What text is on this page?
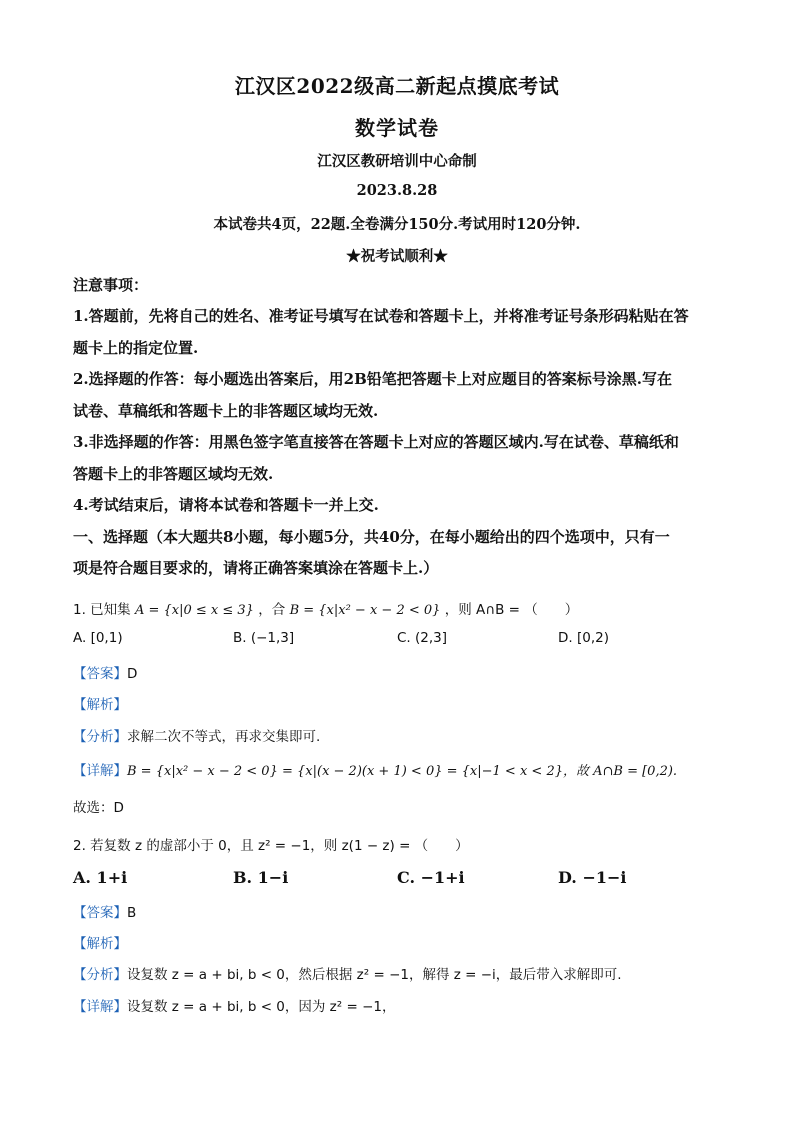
江汉区2022级高二新起点摸底考试
数学试卷
江汉区教研培训中心命制
2023.8.28
本试卷共4页，22题.全卷满分150分.考试用时120分钟.
★祝考试顺利★
注意事项：
1.答题前，先将自己的姓名、准考证号填写在试卷和答题卡上，并将准考证号条形码粘贴在答
题卡上的指定位置.
2.选择题的作答：每小题选出答案后，用2B铅笔把答题卡上对应题目的答案标号涂黑.写在
试卷、草稿纸和答题卡上的非答题区域均无效.
3.非选择题的作答：用黑色签字笔直接答在答题卡上对应的答题区域内.写在试卷、草稿纸和
答题卡上的非答题区域均无效.
4.考试结束后，请将本试卷和答题卡一并上交.
一、选择题（本大题共8小题，每小题5分，共40分，在每小题给出的四个选项中，只有一
项是符合题目要求的，请将正确答案填涂在答题卡上.）
1. 已知集 A = {x|0 ≤ x ≤ 3} ，合 B = {x|x² − x − 2 < 0} ，则 A∩B = （　　）
A. [0,1)	B. (−1,3]	C. (2,3]	D. [0,2)
【答案】D
【解析】
【分析】求解二次不等式，再求交集即可.
【详解】B = {x|x² − x − 2 < 0} = {x|(x − 2)(x + 1) < 0} = {x|−1 < x < 2}，故 A∩B = [0,2).
故选：D
2. 若复数 z 的虚部小于 0，且 z² = −1，则 z(1 − z) = （　　）
A. 1+i	B. 1−i	C. −1+i	D. −1−i
【答案】B
【解析】
【分析】设复数 z = a + bi, b < 0，然后根据 z² = −1，解得 z = −i，最后带入求解即可.
【详解】设复数 z = a + bi, b < 0，因为 z² = −1，
